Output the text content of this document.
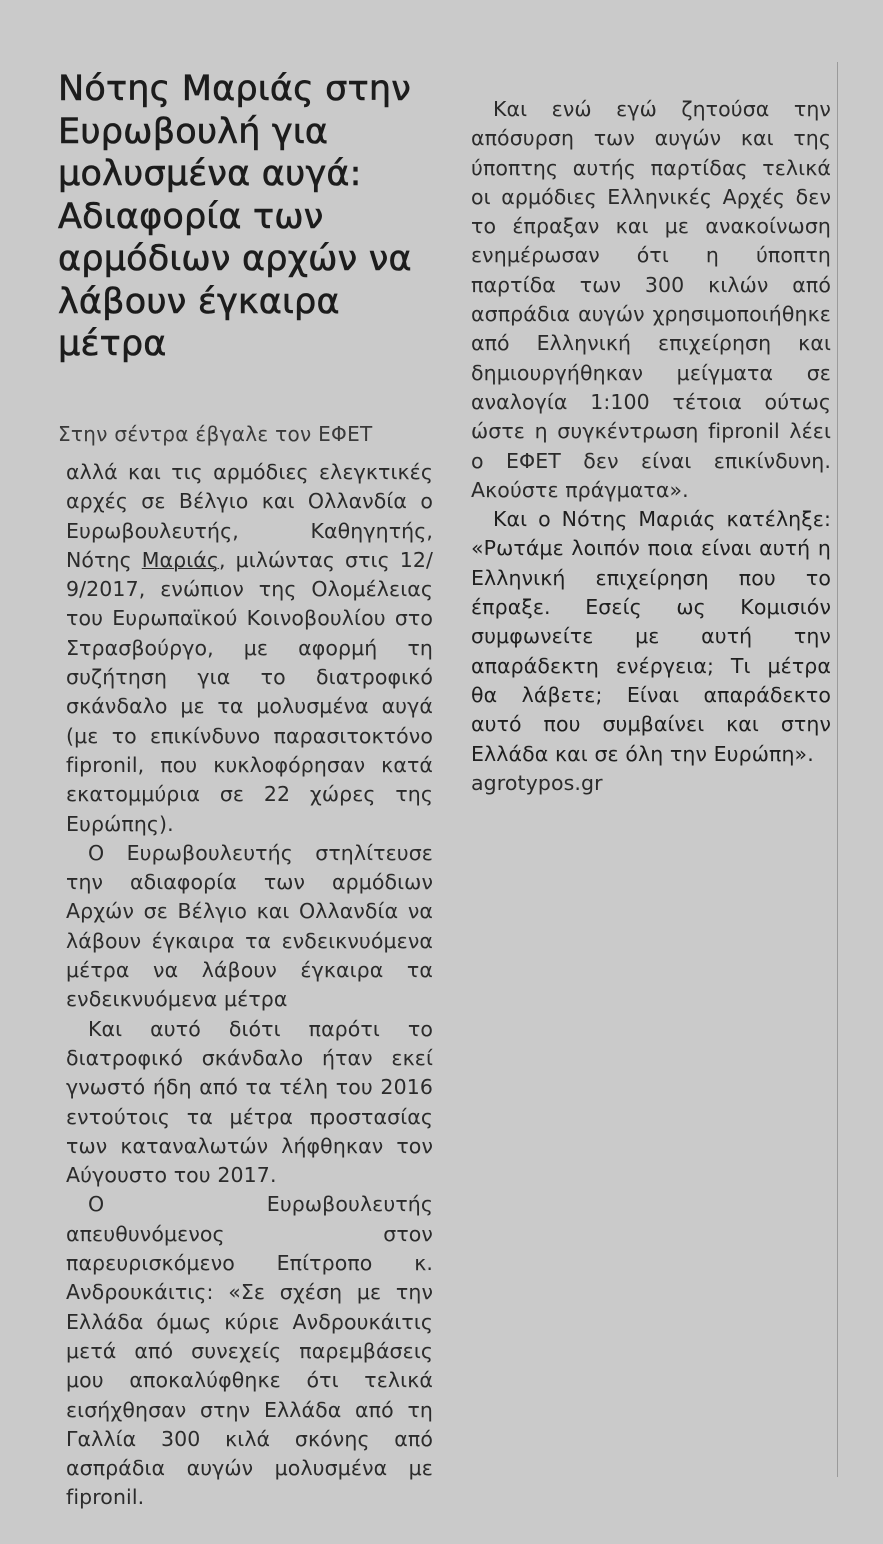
Νότης Μαριάς στην Ευρωβουλή για μολυσμένα αυγά: Αδιαφορία των αρμόδιων αρχών να λάβουν έγκαιρα μέτρα
Στην σέντρα έβγαλε τον ΕΦΕΤ

αλλά και τις αρμόδιες ελεγκτικές αρχές σε Βέλγιο και Ολλανδία ο Ευρωβουλευτής, Καθηγητής, Νότης Μαριάς, μιλώντας στις 12/ 9/2017, ενώπιον της Ολομέλειας του Ευρωπαϊκού Κοινοβουλίου στο Στρασβούργο, με αφορμή τη συζήτηση για το διατροφικό σκάνδαλο με τα μολυσμένα αυγά (με το επικίνδυνο παρασιτοκτόνο fipronil, που κυκλοφόρησαν κατά εκατομμύρια σε 22 χώρες της Ευρώπης).

Ο Ευρωβουλευτής στηλίτευσε την αδιαφορία των αρμόδιων Αρχών σε Βέλγιο και Ολλανδία να λάβουν έγκαιρα τα ενδεικνυόμενα μέτρα να λάβουν έγκαιρα τα ενδεικνυόμενα μέτρα

Και αυτό διότι παρότι το διατροφικό σκάνδαλο ήταν εκεί γνωστό ήδη από τα τέλη του 2016 εντούτοις τα μέτρα προστασίας των καταναλωτών λήφθηκαν τον Αύγουστο του 2017.

Ο Ευρωβουλευτής απευθυνόμενος στον παρευρισκόμενο Επίτροπο κ. Ανδρουκάιτις: «Σε σχέση με την Ελλάδα όμως κύριε Ανδρουκάιτις μετά από συνεχείς παρεμβάσεις μου αποκαλύφθηκε ότι τελικά εισήχθησαν στην Ελλάδα από τη Γαλλία 300 κιλά σκόνης από ασπράδια αυγών μολυσμένα με fipronil.

Και ενώ εγώ ζητούσα την απόσυρση των αυγών και της ύποπτης αυτής παρτίδας τελικά οι αρμόδιες Ελληνικές Αρχές δεν το έπραξαν και με ανακοίνωση ενημέρωσαν ότι η ύποπτη παρτίδα των 300 κιλών από ασπράδια αυγών χρησιμοποιήθηκε από Ελληνική επιχείρηση και δημιουργήθηκαν μείγματα σε αναλογία 1:100 τέτοια ούτως ώστε η συγκέντρωση fipronil λέει ο ΕΦΕΤ δεν είναι επικίνδυνη. Ακούστε πράγματα».

Και ο Νότης Μαριάς κατέληξε: «Ρωτάμε λοιπόν ποια είναι αυτή η Ελληνική επιχείρηση που το έπραξε. Εσείς ως Κομισιόν συμφωνείτε με αυτή την απαράδεκτη ενέργεια; Τι μέτρα θα λάβετε; Είναι απαράδεκτο αυτό που συμβαίνει και στην Ελλάδα και σε όλη την Ευρώπη».

agrotypos.gr
